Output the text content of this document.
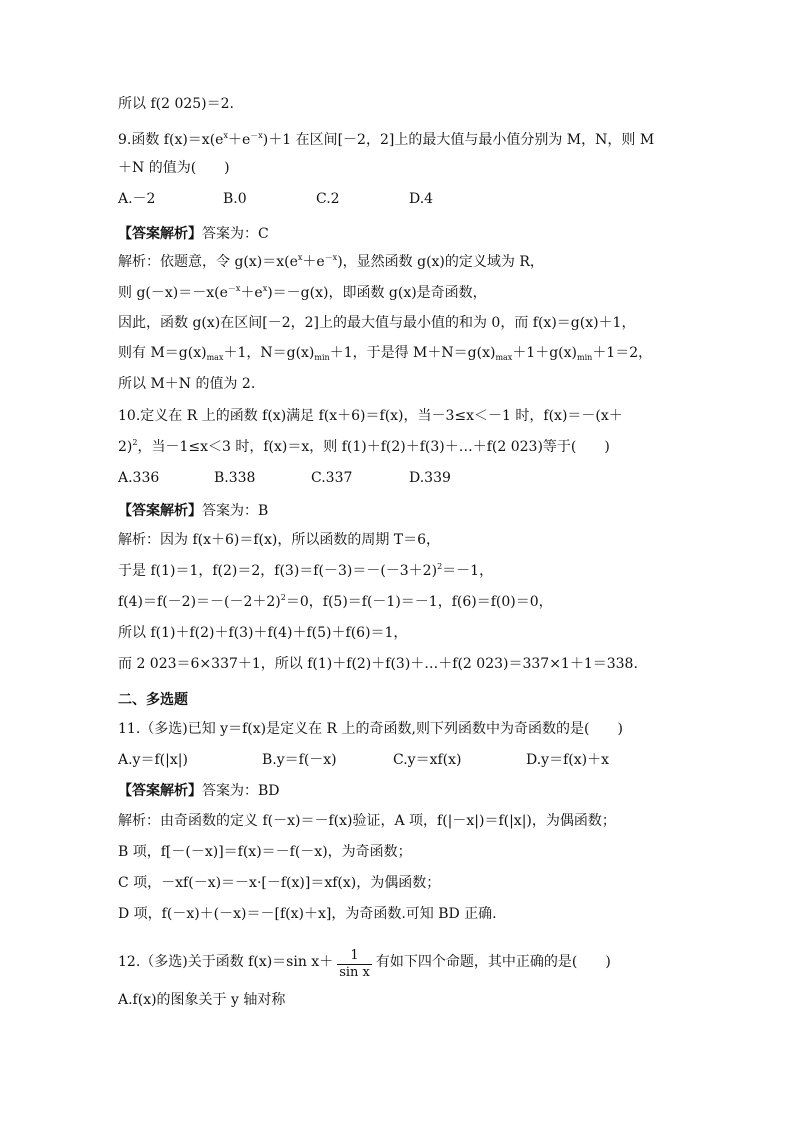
所以 f(2 025)＝2.
9.函数 $f(x)=x(e^x+e^{-x})+1$ 在区间[－2，2]上的最大值与最小值分别为 M，N，则 M
＋N 的值为(　　)
A.－2	B.0	C.2	D.4
【答案解析】答案为：C
解析：依题意，令 $g(x)=x(e^x+e^{-x})$，显然函数 g(x)的定义域为 R，
则 $g(-x)=-x(e^{-x}+e^x)=-g(x)$，即函数 g(x)是奇函数，
因此，函数 g(x)在区间[－2，2]上的最大值与最小值的和为 0，而 f(x)＝g(x)＋1，
则有 $M=g(x)_{max}+1$，$N=g(x)_{min}+1$，于是得 $M+N=g(x)_{max}+1+g(x)_{min}+1=2$，
所以 M＋N 的值为 2.
10.定义在 R 上的函数 f(x)满足 f(x＋6)＝f(x)，当－3≤x＜－1 时，f(x)＝－(x＋
2)$^2$，当－1≤x＜3 时，f(x)＝x，则 f(1)＋f(2)＋f(3)＋…＋f(2 023)等于(　　)
A.336	B.338	C.337	D.339
【答案解析】答案为：B
解析：因为 f(x＋6)＝f(x)，所以函数的周期 T＝6，
于是 f(1)＝1，f(2)＝2，$f(3)=f(-3)=-(-3+2)^2=-1$，
$f(4)=f(-2)=-(-2+2)^2=0$，f(5)＝f(－1)＝－1，f(6)＝f(0)＝0，
所以 f(1)＋f(2)＋f(3)＋f(4)＋f(5)＋f(6)＝1，
而 2 023＝6×337＋1，所以 f(1)＋f(2)＋f(3)＋…＋f(2 023)＝337×1＋1＝338.
二、多选题
11.（多选)已知 y＝f(x)是定义在 R 上的奇函数,则下列函数中为奇函数的是(　　)
A.y＝f(|x|)	B.y＝f(－x)	C.y＝xf(x)	D.y＝f(x)＋x
【答案解析】答案为：BD
解析：由奇函数的定义 f(－x)＝－f(x)验证，A 项，f(|－x|)＝f(|x|)，为偶函数；
B 项，f[－(－x)]＝f(x)＝－f(－x)，为奇函数；
C 项，－xf(－x)＝－x·[－f(x)]＝xf(x)，为偶函数；
D 项，f(－x)＋(－x)＝－[f(x)＋x]，为奇函数.可知 BD 正确.
12.（多选)关于函数 f(x)＝sin $x+ \frac{1}{\text{sin x}}$ 有如下四个命题，其中正确的是(　　)
A.f(x)的图象关于 y 轴对称
